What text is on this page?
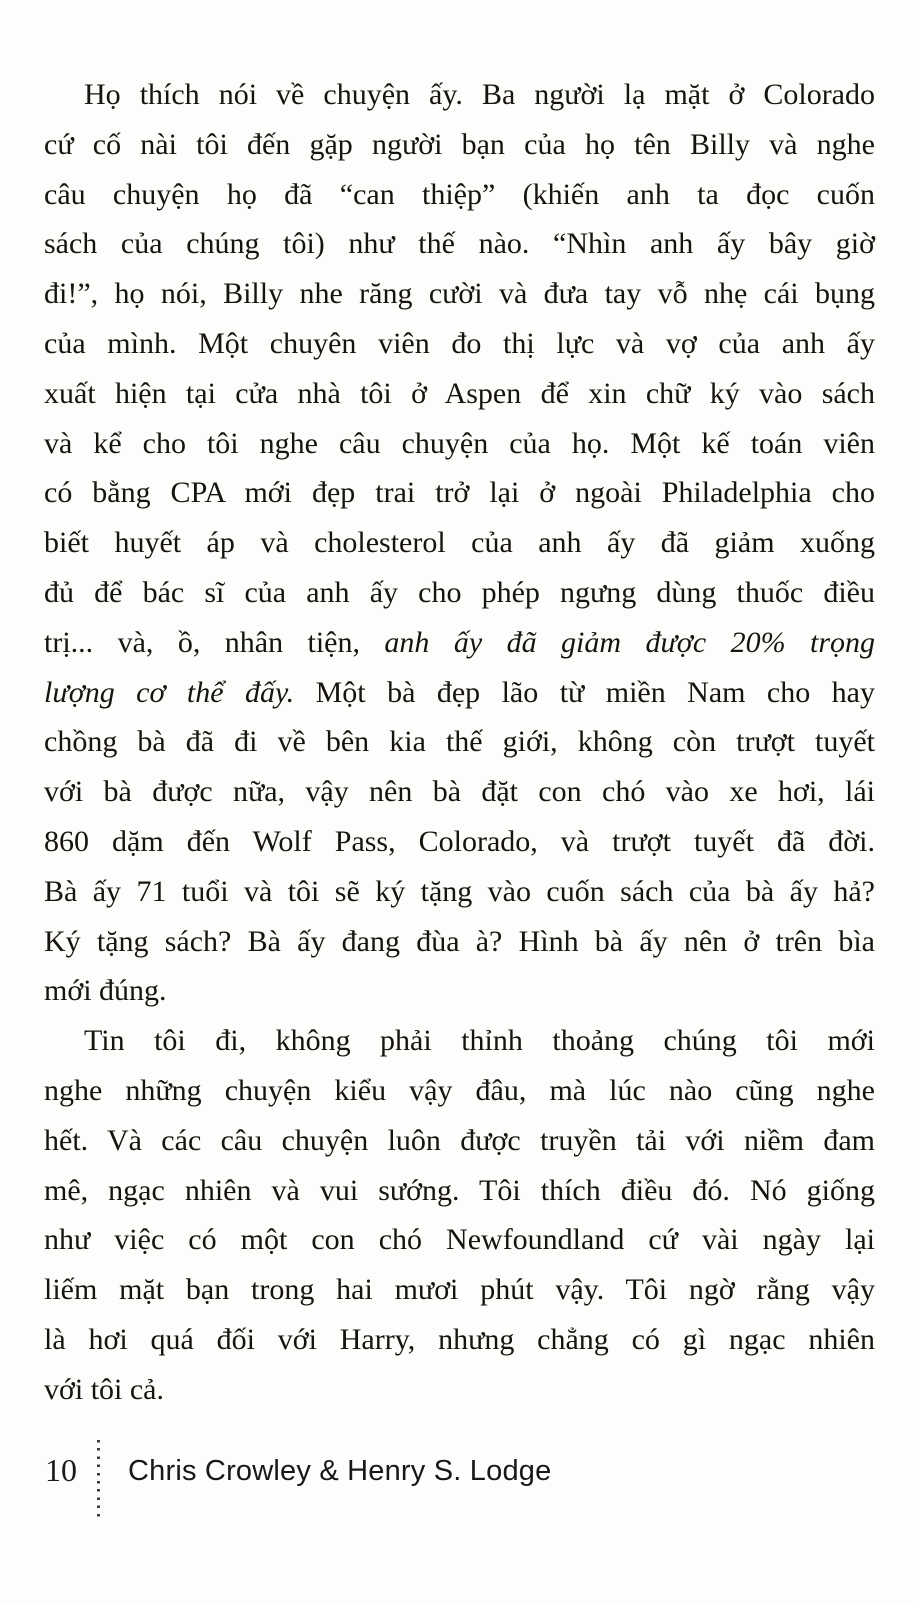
Họ thích nói về chuyện ấy. Ba người lạ mặt ở Colorado
cứ cố nài tôi đến gặp người bạn của họ tên Billy và nghe
câu chuyện họ đã “can thiệp” (khiến anh ta đọc cuốn
sách của chúng tôi) như thế nào. “Nhìn anh ấy bây giờ
đi!”, họ nói, Billy nhe răng cười và đưa tay vỗ nhẹ cái bụng
của mình. Một chuyên viên đo thị lực và vợ của anh ấy
xuất hiện tại cửa nhà tôi ở Aspen để xin chữ ký vào sách
và kể cho tôi nghe câu chuyện của họ. Một kế toán viên
có bằng CPA mới đẹp trai trở lại ở ngoài Philadelphia cho
biết huyết áp và cholesterol của anh ấy đã giảm xuống
đủ để bác sĩ của anh ấy cho phép ngưng dùng thuốc điều
trị... và, ồ, nhân tiện, anh ấy đã giảm được 20% trọng
lượng cơ thể đấy. Một bà đẹp lão từ miền Nam cho hay
chồng bà đã đi về bên kia thế giới, không còn trượt tuyết
với bà được nữa, vậy nên bà đặt con chó vào xe hơi, lái
860 dặm đến Wolf Pass, Colorado, và trượt tuyết đã đời.
Bà ấy 71 tuổi và tôi sẽ ký tặng vào cuốn sách của bà ấy hả?
Ký tặng sách? Bà ấy đang đùa à? Hình bà ấy nên ở trên bìa
mới đúng.
Tin tôi đi, không phải thỉnh thoảng chúng tôi mới
nghe những chuyện kiểu vậy đâu, mà lúc nào cũng nghe
hết. Và các câu chuyện luôn được truyền tải với niềm đam
mê, ngạc nhiên và vui sướng. Tôi thích điều đó. Nó giống
như việc có một con chó Newfoundland cứ vài ngày lại
liếm mặt bạn trong hai mươi phút vậy. Tôi ngờ rằng vậy
là hơi quá đối với Harry, nhưng chẳng có gì ngạc nhiên
với tôi cả.
10 Chris Crowley & Henry S. Lodge
